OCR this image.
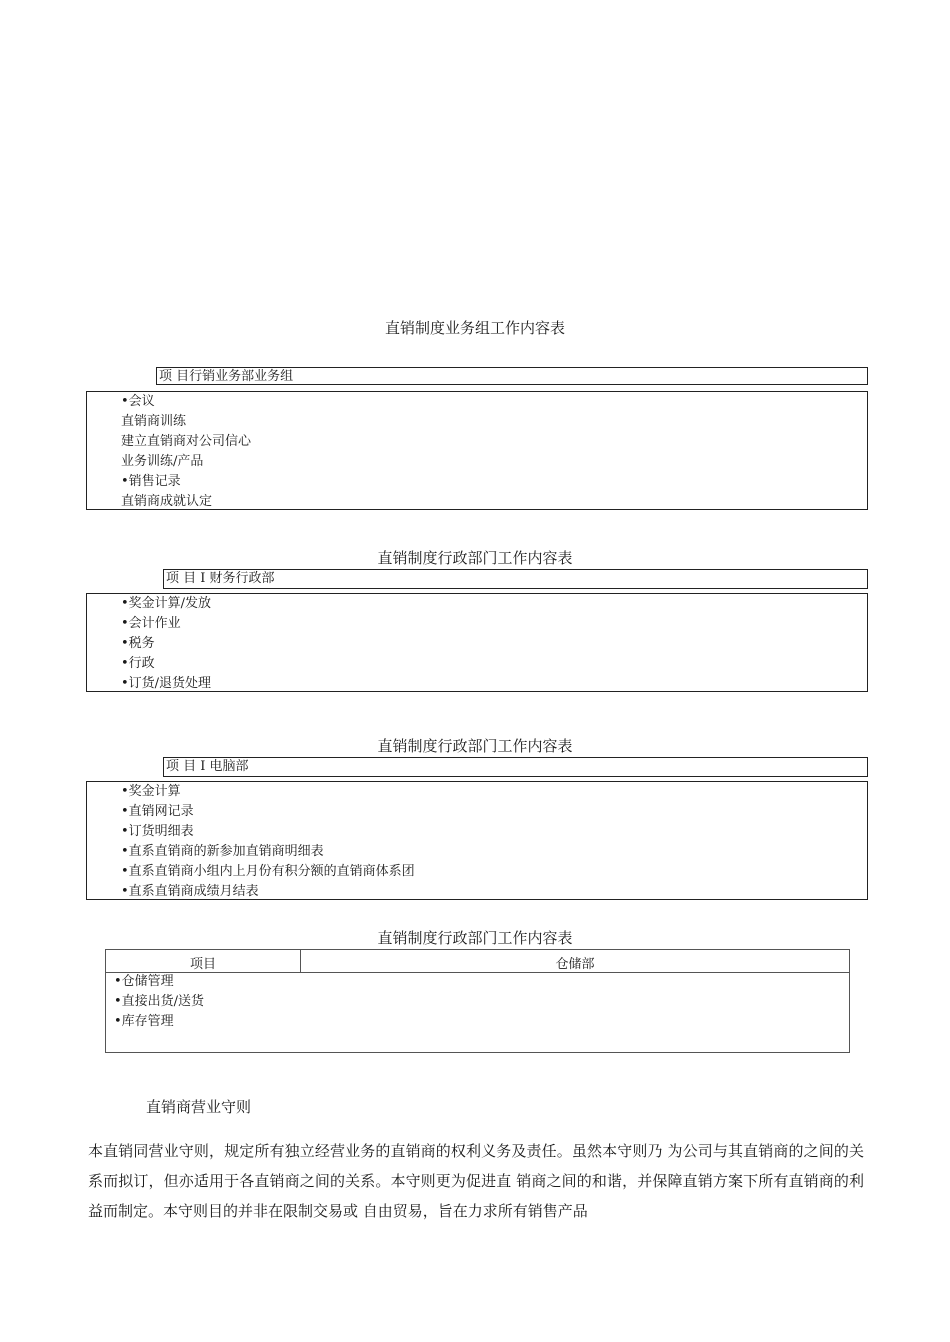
直销制度业务组工作内容表
项 目行销业务部业务组
•会议
直销商训练
建立直销商对公司信心
业务训练/产品
•销售记录
直销商成就认定
直销制度行政部门工作内容表
项 目 I 财务行政部
•奖金计算/发放
•会计作业
•税务
•行政
•订货/退货处理
直销制度行政部门工作内容表
项 目 I 电脑部
•奖金计算
•直销网记录
•订货明细表
•直系直销商的新参加直销商明细表
•直系直销商小组内上月份有积分额的直销商体系团
•直系直销商成绩月结表
直销制度行政部门工作内容表
项目	仓储部
•仓储管理
•直接出货/送货
•库存管理
直销商营业守则
本直销同营业守则，规定所有独立经营业务的直销商的权利义务及责任。虽然本守则乃 为公司与其直销商的之间的关系而拟订，但亦适用于各直销商之间的关系。本守则更为促进直 销商之间的和谐，并保障直销方案下所有直销商的利益而制定。本守则目的并非在限制交易或 自由贸易，旨在力求所有销售产品
